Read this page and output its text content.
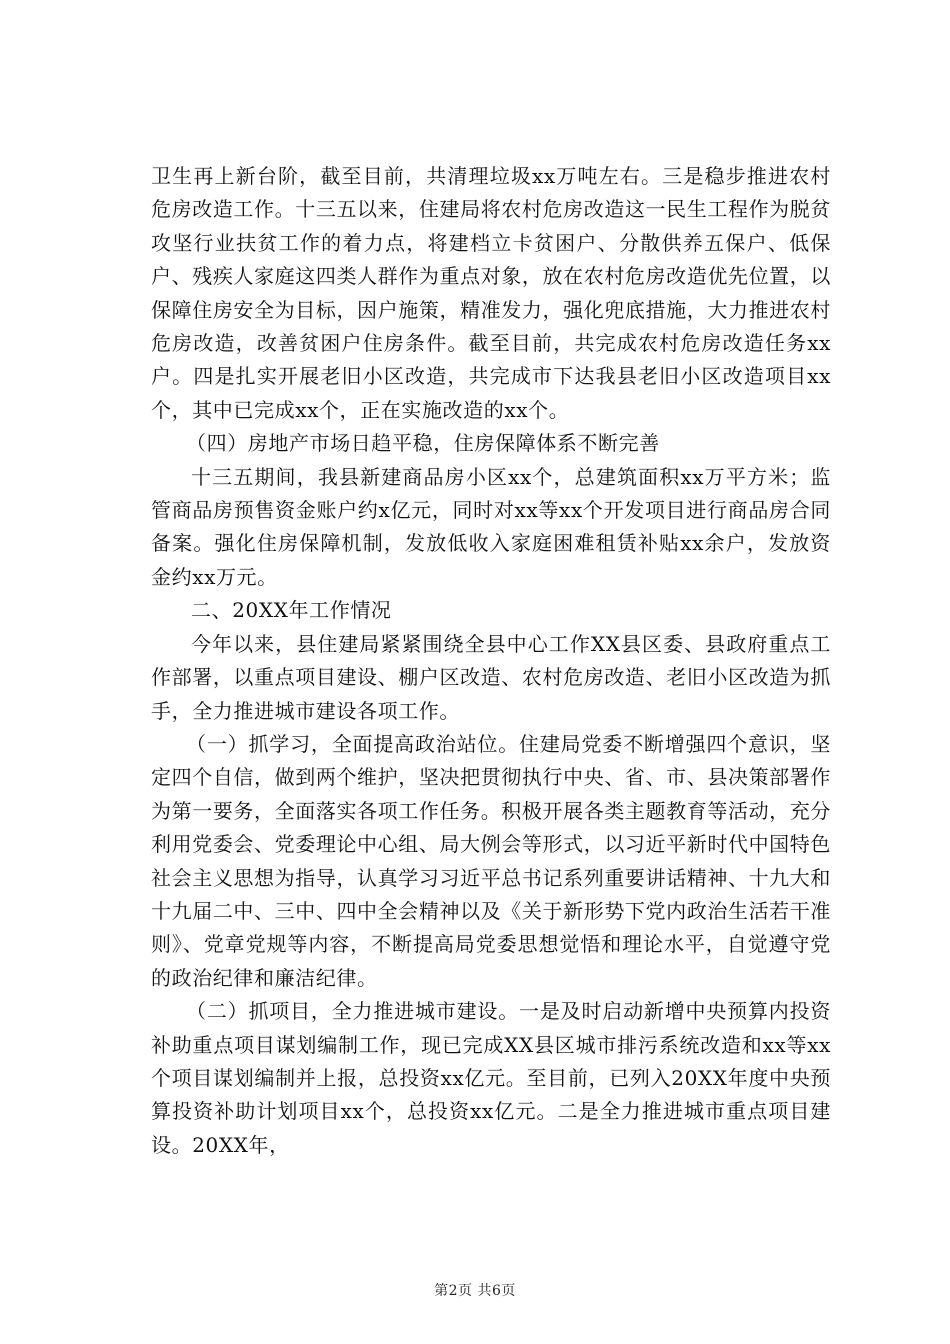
卫生再上新台阶，截至目前，共清理垃圾xx万吨左右。三是稳步推进农村危房改造工作。十三五以来，住建局将农村危房改造这一民生工程作为脱贫攻坚行业扶贫工作的着力点，将建档立卡贫困户、分散供养五保户、低保户、残疾人家庭这四类人群作为重点对象，放在农村危房改造优先位置，以保障住房安全为目标，因户施策，精准发力，强化兜底措施，大力推进农村危房改造，改善贫困户住房条件。截至目前，共完成农村危房改造任务xx户。四是扎实开展老旧小区改造，共完成市下达我县老旧小区改造项目xx个，其中已完成xx个，正在实施改造的xx个。

（四）房地产市场日趋平稳，住房保障体系不断完善

十三五期间，我县新建商品房小区xx个，总建筑面积xx万平方米；监管商品房预售资金账户约x亿元，同时对xx等xx个开发项目进行商品房合同备案。强化住房保障机制，发放低收入家庭困难租赁补贴xx余户，发放资金约xx万元。

二、20XX年工作情况

今年以来，县住建局紧紧围绕全县中心工作XX县区委、县政府重点工作部署，以重点项目建设、棚户区改造、农村危房改造、老旧小区改造为抓手，全力推进城市建设各项工作。

（一）抓学习，全面提高政治站位。住建局党委不断增强四个意识，坚定四个自信，做到两个维护，坚决把贯彻执行中央、省、市、县决策部署作为第一要务，全面落实各项工作任务。积极开展各类主题教育等活动，充分利用党委会、党委理论中心组、局大例会等形式，以习近平新时代中国特色社会主义思想为指导，认真学习习近平总书记系列重要讲话精神、十九大和十九届二中、三中、四中全会精神以及《关于新形势下党内政治生活若干准则》、党章党规等内容，不断提高局党委思想觉悟和理论水平，自觉遵守党的政治纪律和廉洁纪律。

（二）抓项目，全力推进城市建设。一是及时启动新增中央预算内投资补助重点项目谋划编制工作，现已完成XX县区城市排污系统改造和xx等xx个项目谋划编制并上报，总投资xx亿元。至目前，已列入20XX年度中央预算投资补助计划项目xx个，总投资xx亿元。二是全力推进城市重点项目建设。20XX年，

第2页 共6页
